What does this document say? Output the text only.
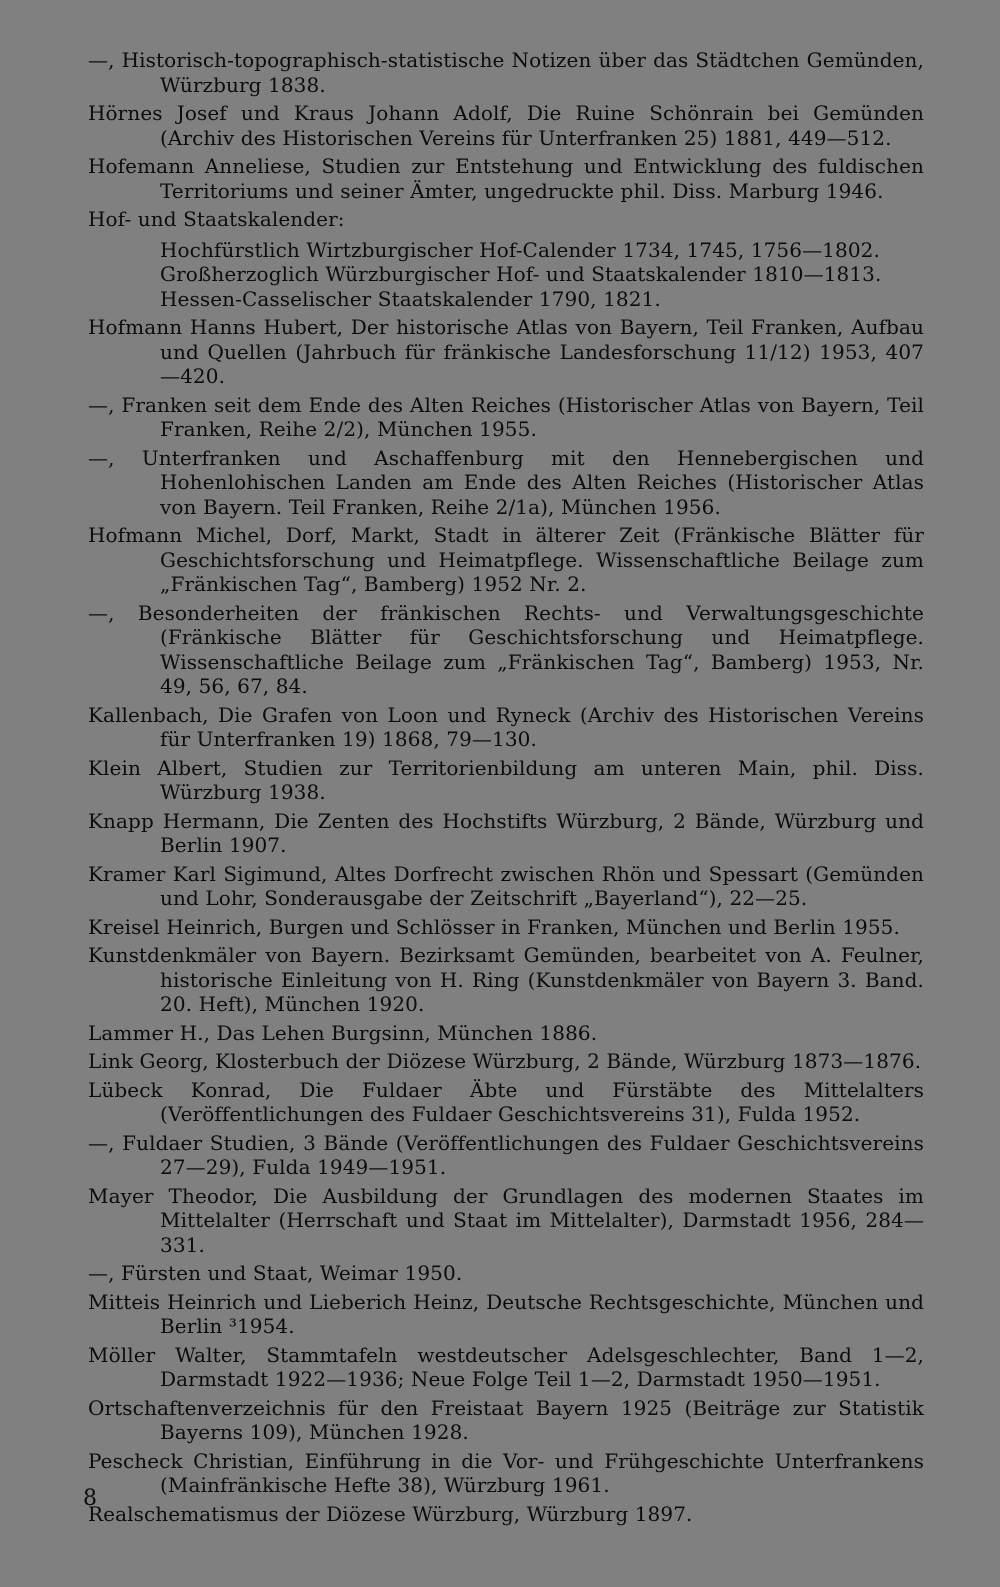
—, Historisch-topographisch-statistische Notizen über das Städtchen Gemünden, Würzburg 1838.
Hörnes Josef und Kraus Johann Adolf, Die Ruine Schönrain bei Gemünden (Archiv des Historischen Vereins für Unterfranken 25) 1881, 449—512.
Hofemann Anneliese, Studien zur Entstehung und Entwicklung des fuldischen Territoriums und seiner Ämter, ungedruckte phil. Diss. Marburg 1946.
Hof- und Staatskalender:
Hochfürstlich Wirtzburgischer Hof-Calender 1734, 1745, 1756—1802.
Großherzoglich Würzburgischer Hof- und Staatskalender 1810—1813.
Hessen-Casselischer Staatskalender 1790, 1821.
Hofmann Hanns Hubert, Der historische Atlas von Bayern, Teil Franken, Aufbau und Quellen (Jahrbuch für fränkische Landesforschung 11/12) 1953, 407—420.
—, Franken seit dem Ende des Alten Reiches (Historischer Atlas von Bayern, Teil Franken, Reihe 2/2), München 1955.
—, Unterfranken und Aschaffenburg mit den Hennebergischen und Hohenlohischen Landen am Ende des Alten Reiches (Historischer Atlas von Bayern. Teil Franken, Reihe 2/1a), München 1956.
Hofmann Michel, Dorf, Markt, Stadt in älterer Zeit (Fränkische Blätter für Geschichtsforschung und Heimatpflege. Wissenschaftliche Beilage zum „Fränkischen Tag“, Bamberg) 1952 Nr. 2.
—, Besonderheiten der fränkischen Rechts- und Verwaltungsgeschichte (Fränkische Blätter für Geschichtsforschung und Heimatpflege. Wissenschaftliche Beilage zum „Fränkischen Tag“, Bamberg) 1953, Nr. 49, 56, 67, 84.
Kallenbach, Die Grafen von Loon und Ryneck (Archiv des Historischen Vereins für Unterfranken 19) 1868, 79—130.
Klein Albert, Studien zur Territorienbildung am unteren Main, phil. Diss. Würzburg 1938.
Knapp Hermann, Die Zenten des Hochstifts Würzburg, 2 Bände, Würzburg und Berlin 1907.
Kramer Karl Sigimund, Altes Dorfrecht zwischen Rhön und Spessart (Gemünden und Lohr, Sonderausgabe der Zeitschrift „Bayerland“), 22—25.
Kreisel Heinrich, Burgen und Schlösser in Franken, München und Berlin 1955.
Kunstdenkmäler von Bayern. Bezirksamt Gemünden, bearbeitet von A. Feulner, historische Einleitung von H. Ring (Kunstdenkmäler von Bayern 3. Band. 20. Heft), München 1920.
Lammer H., Das Lehen Burgsinn, München 1886.
Link Georg, Klosterbuch der Diözese Würzburg, 2 Bände, Würzburg 1873—1876.
Lübeck Konrad, Die Fuldaer Äbte und Fürstäbte des Mittelalters (Veröffentlichungen des Fuldaer Geschichtsvereins 31), Fulda 1952.
—, Fuldaer Studien, 3 Bände (Veröffentlichungen des Fuldaer Geschichtsvereins 27—29), Fulda 1949—1951.
Mayer Theodor, Die Ausbildung der Grundlagen des modernen Staates im Mittelalter (Herrschaft und Staat im Mittelalter), Darmstadt 1956, 284—331.
—, Fürsten und Staat, Weimar 1950.
Mitteis Heinrich und Lieberich Heinz, Deutsche Rechtsgeschichte, München und Berlin ³1954.
Möller Walter, Stammtafeln westdeutscher Adelsgeschlechter, Band 1—2, Darmstadt 1922—1936; Neue Folge Teil 1—2, Darmstadt 1950—1951.
Ortschaftenverzeichnis für den Freistaat Bayern 1925 (Beiträge zur Statistik Bayerns 109), München 1928.
Pescheck Christian, Einführung in die Vor- und Frühgeschichte Unterfrankens (Mainfränkische Hefte 38), Würzburg 1961.
Realschematismus der Diözese Würzburg, Würzburg 1897.
8
